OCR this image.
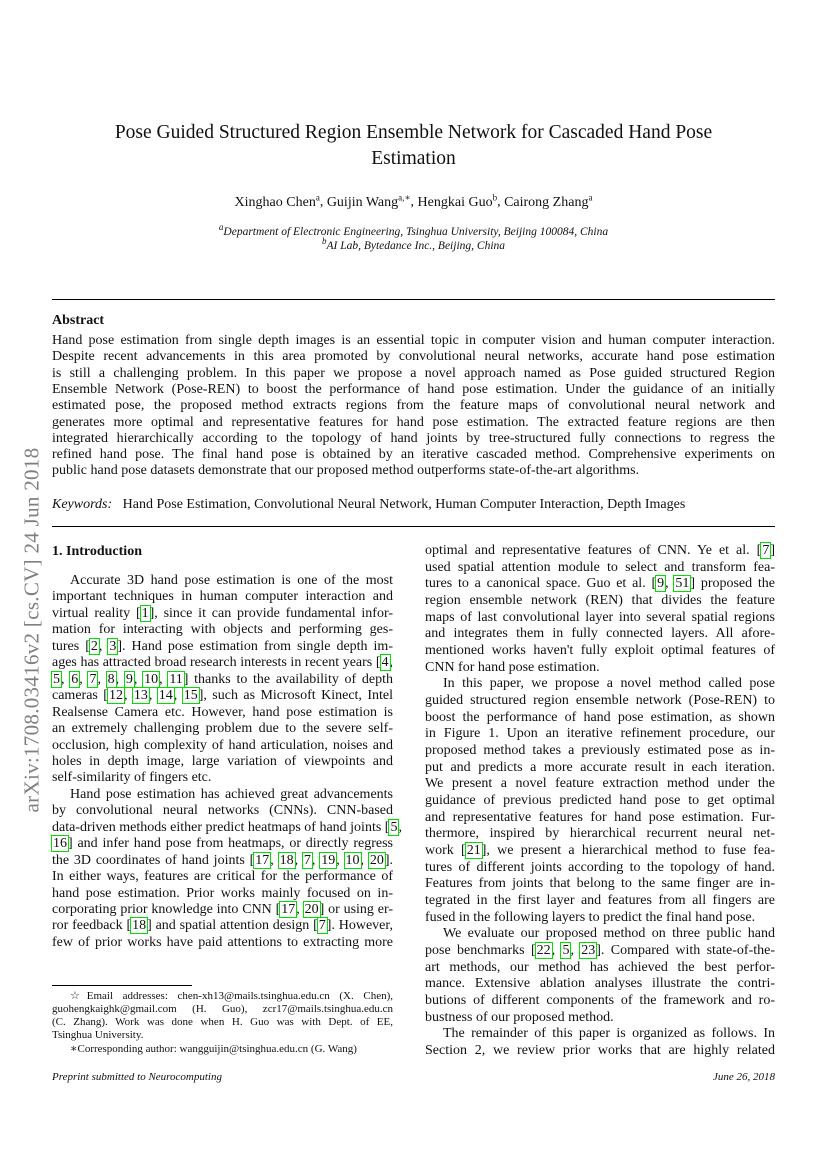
arXiv:1708.03416v2 [cs.CV] 24 Jun 2018
Pose Guided Structured Region Ensemble Network for Cascaded Hand Pose
Estimation
Xinghao Chen$^a$, Guijin Wang$^{a,∗}$, Hengkai Guo$^b$, Cairong Zhang$^a$
$^a$Department of Electronic Engineering, Tsinghua University, Beijing 100084, China
$^b$AI Lab, Bytedance Inc., Beijing, China
Abstract
Hand pose estimation from single depth images is an essential topic in computer vision and human computer interaction.
Despite recent advancements in this area promoted by convolutional neural networks, accurate hand pose estimation
is still a challenging problem. In this paper we propose a novel approach named as Pose guided structured Region
Ensemble Network (Pose-REN) to boost the performance of hand pose estimation. Under the guidance of an initially
estimated pose, the proposed method extracts regions from the feature maps of convolutional neural network and
generates more optimal and representative features for hand pose estimation. The extracted feature regions are then
integrated hierarchically according to the topology of hand joints by tree-structured fully connections to regress the
refined hand pose. The final hand pose is obtained by an iterative cascaded method. Comprehensive experiments on
public hand pose datasets demonstrate that our proposed method outperforms state-of-the-art algorithms.
Keywords: Hand Pose Estimation, Convolutional Neural Network, Human Computer Interaction, Depth Images
1. Introduction
Accurate 3D hand pose estimation is one of the most
important techniques in human computer interaction and
virtual reality [1], since it can provide fundamental infor-
mation for interacting with objects and performing ges-
tures [2, 3]. Hand pose estimation from single depth im-
ages has attracted broad research interests in recent years [4,
5, 6, 7, 8, 9, 10, 11] thanks to the availability of depth
cameras [12, 13, 14, 15], such as Microsoft Kinect, Intel
Realsense Camera etc. However, hand pose estimation is
an extremely challenging problem due to the severe self-
occlusion, high complexity of hand articulation, noises and
holes in depth image, large variation of viewpoints and
self-similarity of fingers etc.
Hand pose estimation has achieved great advancements
by convolutional neural networks (CNNs). CNN-based
data-driven methods either predict heatmaps of hand joints [5,
16] and infer hand pose from heatmaps, or directly regress
the 3D coordinates of hand joints [17, 18, 7, 19, 10, 20].
In either ways, features are critical for the performance of
hand pose estimation. Prior works mainly focused on in-
corporating prior knowledge into CNN [17, 20] or using er-
ror feedback [18] and spatial attention design [7]. However,
few of prior works have paid attentions to extracting more
optimal and representative features of CNN. Ye et al. [7]
used spatial attention module to select and transform fea-
tures to a canonical space. Guo et al. [9, 51] proposed the
region ensemble network (REN) that divides the feature
maps of last convolutional layer into several spatial regions
and integrates them in fully connected layers. All afore-
mentioned works haven't fully exploit optimal features of
CNN for hand pose estimation.
In this paper, we propose a novel method called pose
guided structured region ensemble network (Pose-REN) to
boost the performance of hand pose estimation, as shown
in Figure 1. Upon an iterative refinement procedure, our
proposed method takes a previously estimated pose as in-
put and predicts a more accurate result in each iteration.
We present a novel feature extraction method under the
guidance of previous predicted hand pose to get optimal
and representative features for hand pose estimation. Fur-
thermore, inspired by hierarchical recurrent neural net-
work [21], we present a hierarchical method to fuse fea-
tures of different joints according to the topology of hand.
Features from joints that belong to the same finger are in-
tegrated in the first layer and features from all fingers are
fused in the following layers to predict the final hand pose.
We evaluate our proposed method on three public hand
pose benchmarks [22, 5, 23]. Compared with state-of-the-
art methods, our method has achieved the best perfor-
mance. Extensive ablation analyses illustrate the contri-
butions of different components of the framework and ro-
bustness of our proposed method.
The remainder of this paper is organized as follows. In
Section 2, we review prior works that are highly related
☆Email addresses: chen-xh13@mails.tsinghua.edu.cn (X. Chen),
guohengkaighk@gmail.com (H. Guo), zcr17@mails.tsinghua.edu.cn
(C. Zhang). Work was done when H. Guo was with Dept. of EE,
Tsinghua University.
∗Corresponding author: wangguijin@tsinghua.edu.cn (G. Wang)
Preprint submitted to Neurocomputing	June 26, 2018
